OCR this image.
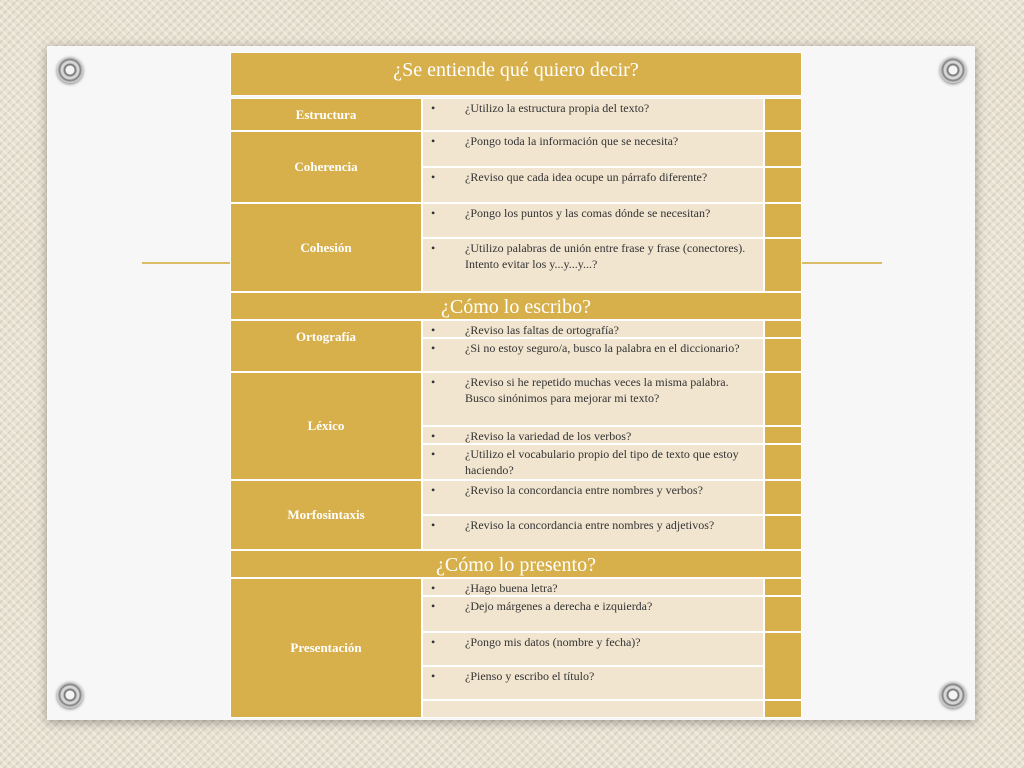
¿Se entiende qué quiero decir?
Estructura	• ¿Utilizo la estructura propia del texto?
Coherencia
• ¿Pongo toda la información que se necesita?
• ¿Reviso que cada idea ocupe un párrafo diferente?
Cohesión
• ¿Pongo los puntos y las comas dónde se necesitan?
• ¿Utilizo palabras de unión entre frase y frase (conectores). Intento evitar los y...y...y...?
¿Cómo lo escribo?
Ortografía	• ¿Reviso las faltas de ortografía?
• ¿Si no estoy seguro/a, busco la palabra en el diccionario?
Léxico
• ¿Reviso si he repetido muchas veces la misma palabra. Busco sinónimos para mejorar mi texto?
• ¿Reviso la variedad de los verbos?
• ¿Utilizo el vocabulario propio del tipo de texto que estoy haciendo?
Morfosintaxis
• ¿Reviso la concordancia entre nombres y verbos?
• ¿Reviso la concordancia entre nombres y adjetivos?
¿Cómo lo presento?
Presentación
• ¿Hago buena letra?
• ¿Dejo márgenes a derecha e izquierda?
• ¿Pongo mis datos (nombre y fecha)?
• ¿Pienso y escribo el título?
